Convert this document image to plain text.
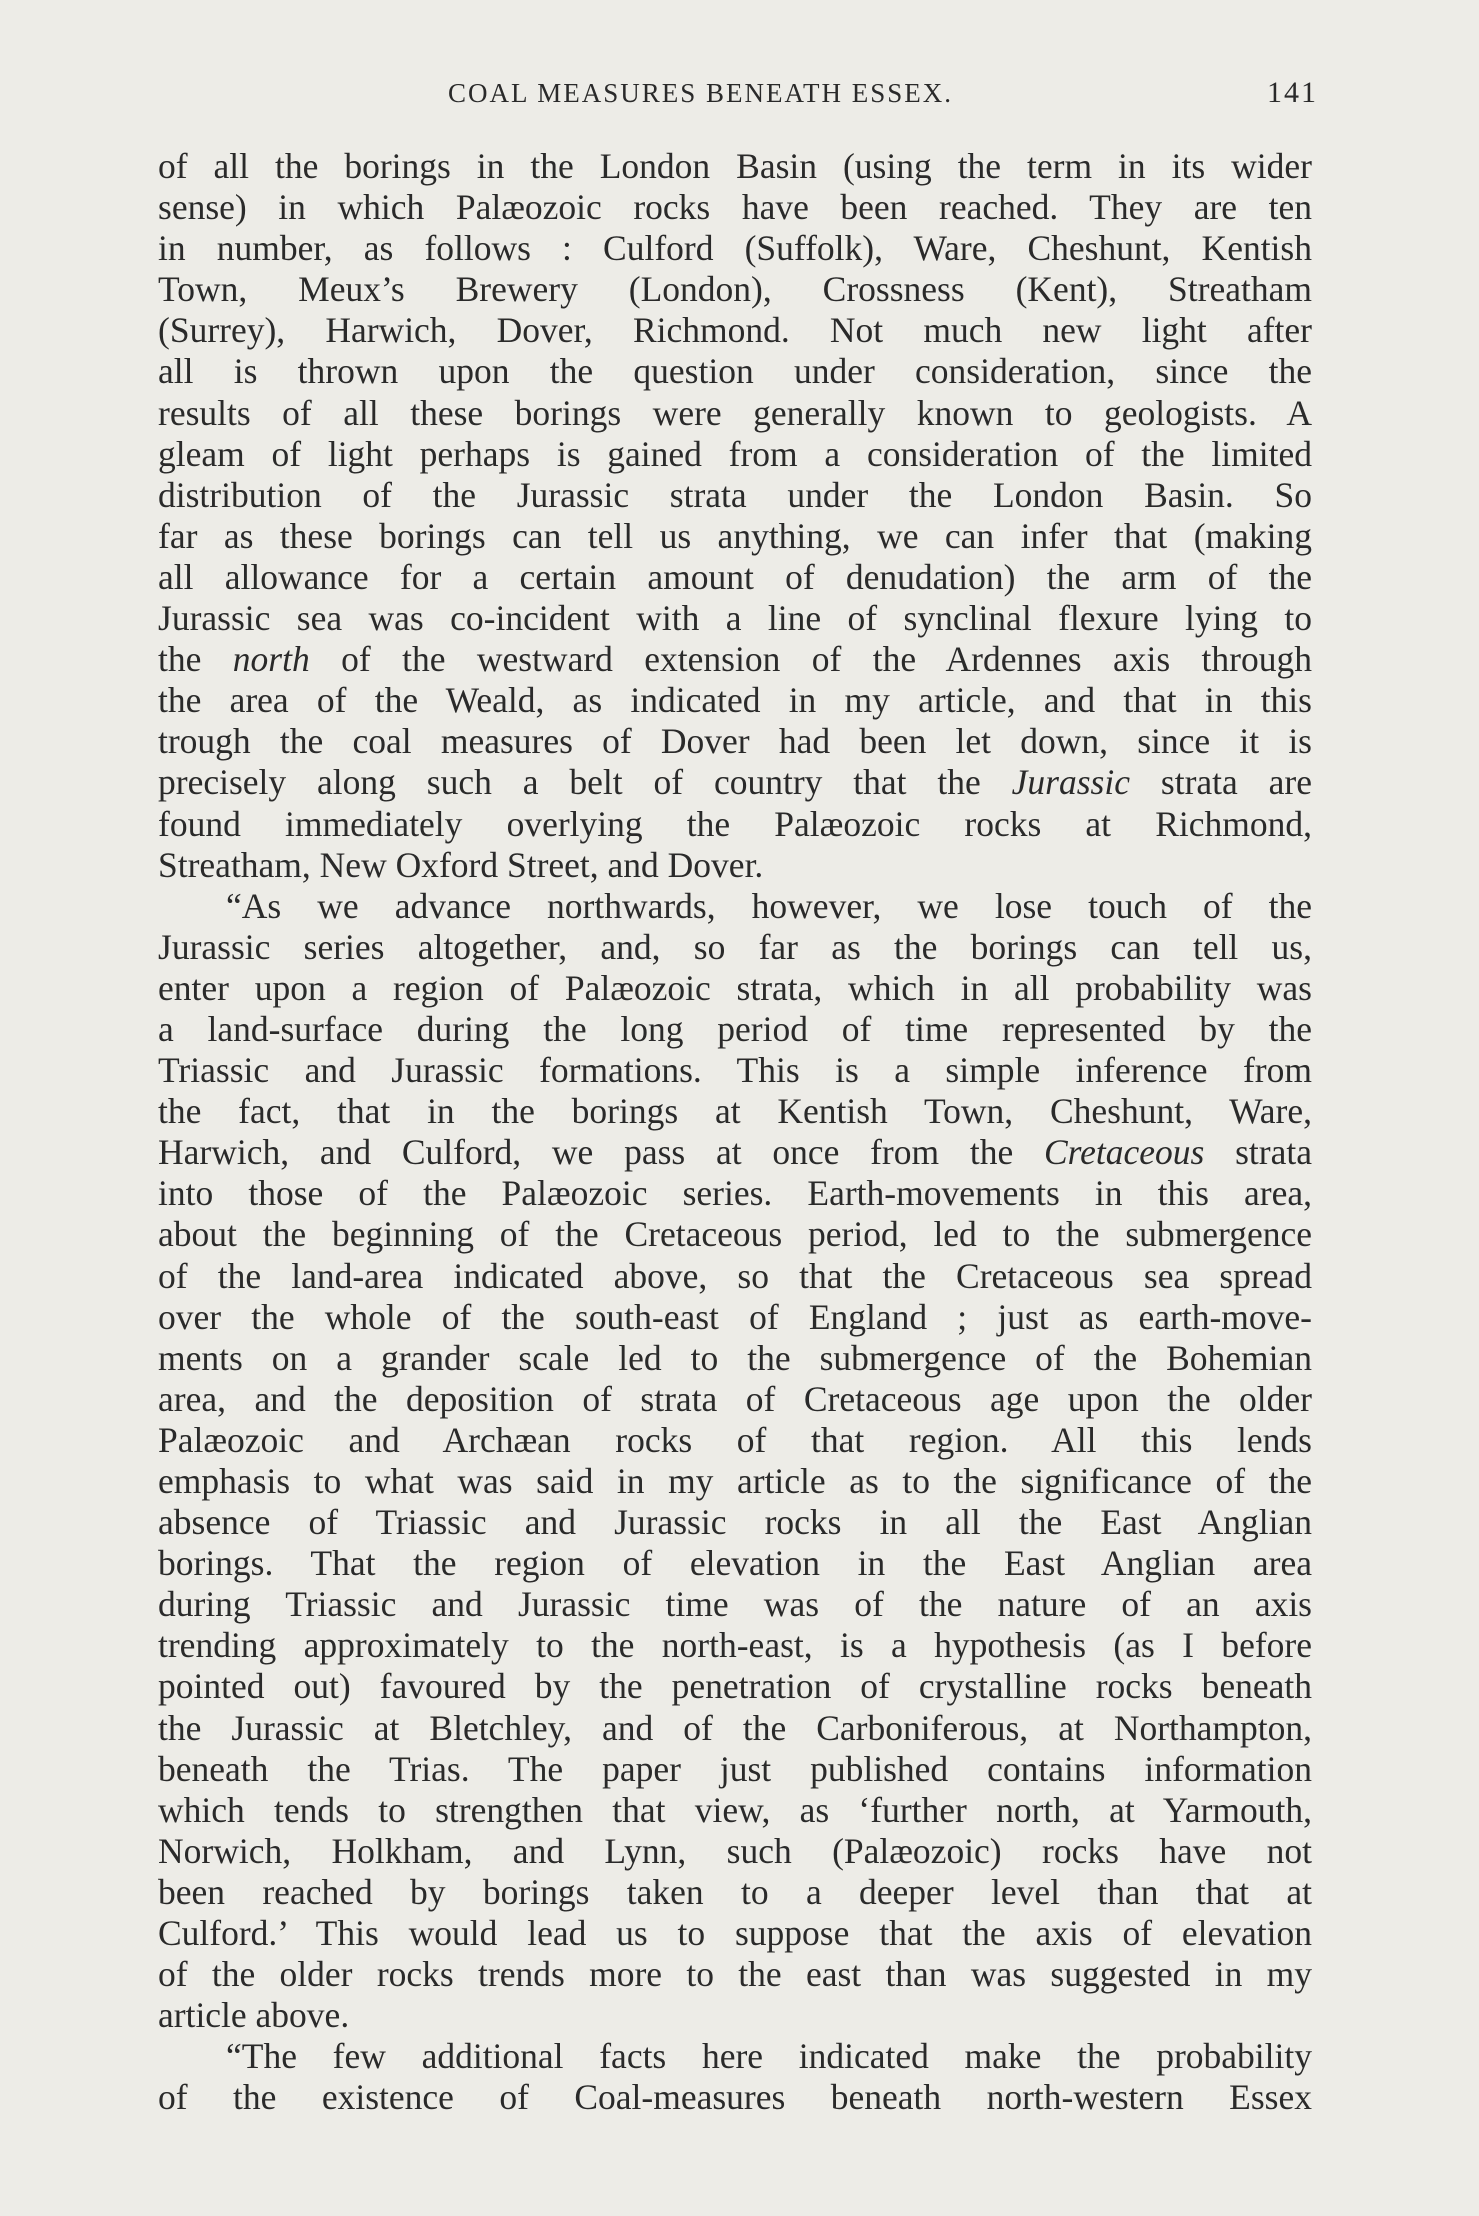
COAL MEASURES BENEATH ESSEX.	141
of all the borings in the London Basin (using the term in its wider
sense) in which Palæozoic rocks have been reached. They are ten
in number, as follows : Culford (Suffolk), Ware, Cheshunt, Kentish
Town, Meux’s Brewery (London), Crossness (Kent), Streatham
(Surrey), Harwich, Dover, Richmond. Not much new light after
all is thrown upon the question under consideration, since the
results of all these borings were generally known to geologists. A
gleam of light perhaps is gained from a consideration of the limited
distribution of the Jurassic strata under the London Basin. So
far as these borings can tell us anything, we can infer that (making
all allowance for a certain amount of denudation) the arm of the
Jurassic sea was co-incident with a line of synclinal flexure lying to
the north of the westward extension of the Ardennes axis through
the area of the Weald, as indicated in my article, and that in this
trough the coal measures of Dover had been let down, since it is
precisely along such a belt of country that the Jurassic strata are
found immediately overlying the Palæozoic rocks at Richmond,
Streatham, New Oxford Street, and Dover.
“As we advance northwards, however, we lose touch of the
Jurassic series altogether, and, so far as the borings can tell us,
enter upon a region of Palæozoic strata, which in all probability was
a land-surface during the long period of time represented by the
Triassic and Jurassic formations. This is a simple inference from
the fact, that in the borings at Kentish Town, Cheshunt, Ware,
Harwich, and Culford, we pass at once from the Cretaceous strata
into those of the Palæozoic series. Earth-movements in this area,
about the beginning of the Cretaceous period, led to the submergence
of the land-area indicated above, so that the Cretaceous sea spread
over the whole of the south-east of England ; just as earth-move-
ments on a grander scale led to the submergence of the Bohemian
area, and the deposition of strata of Cretaceous age upon the older
Palæozoic and Archæan rocks of that region. All this lends
emphasis to what was said in my article as to the significance of the
absence of Triassic and Jurassic rocks in all the East Anglian
borings. That the region of elevation in the East Anglian area
during Triassic and Jurassic time was of the nature of an axis
trending approximately to the north-east, is a hypothesis (as I before
pointed out) favoured by the penetration of crystalline rocks beneath
the Jurassic at Bletchley, and of the Carboniferous, at Northampton,
beneath the Trias. The paper just published contains information
which tends to strengthen that view, as ‘further north, at Yarmouth,
Norwich, Holkham, and Lynn, such (Palæozoic) rocks have not
been reached by borings taken to a deeper level than that at
Culford.’ This would lead us to suppose that the axis of elevation
of the older rocks trends more to the east than was suggested in my
article above.
“The few additional facts here indicated make the probability
of the existence of Coal-measures beneath north-western Essex
